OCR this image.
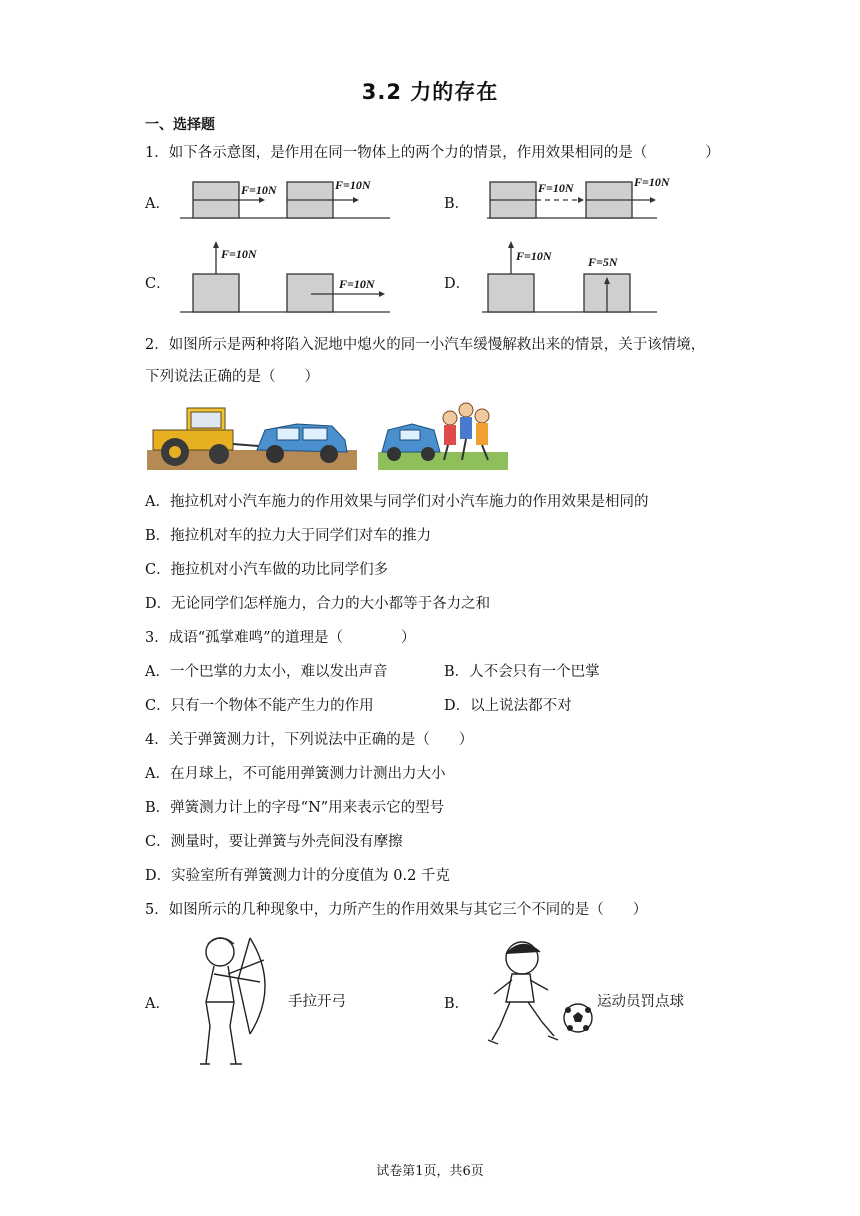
3.2 力的存在
一、选择题
1．如下各示意图，是作用在同一物体上的两个力的情景，作用效果相同的是（　　　　）
A．
F=10N	F=10N
B．
F=10N	F=10N
C．
F=10N
F=10N	D．
F=10N	F=5N
2．如图所示是两种将陷入泥地中熄火的同一小汽车缓慢解救出来的情景，关于该情境，
下列说法正确的是（　　）
A．拖拉机对小汽车施力的作用效果与同学们对小汽车施力的作用效果是相同的
B．拖拉机对车的拉力大于同学们对车的推力
C．拖拉机对小汽车做的功比同学们多
D．无论同学们怎样施力，合力的大小都等于各力之和
3．成语“孤掌难鸣”的道理是（　　　　）
A．一个巴掌的力太小，难以发出声音	B．人不会只有一个巴掌
C．只有一个物体不能产生力的作用	D．以上说法都不对
4．关于弹簧测力计，下列说法中正确的是（　　）
A．在月球上，不可能用弹簧测力计测出力大小
B．弹簧测力计上的字母“N”用来表示它的型号
C．测量时，要让弹簧与外壳间没有摩擦
D．实验室所有弹簧测力计的分度值为 0.2 千克
5．如图所示的几种现象中，力所产生的作用效果与其它三个不同的是（　　）
A．	手拉开弓	B．	运动员罚点球
试卷第1页，共6页
